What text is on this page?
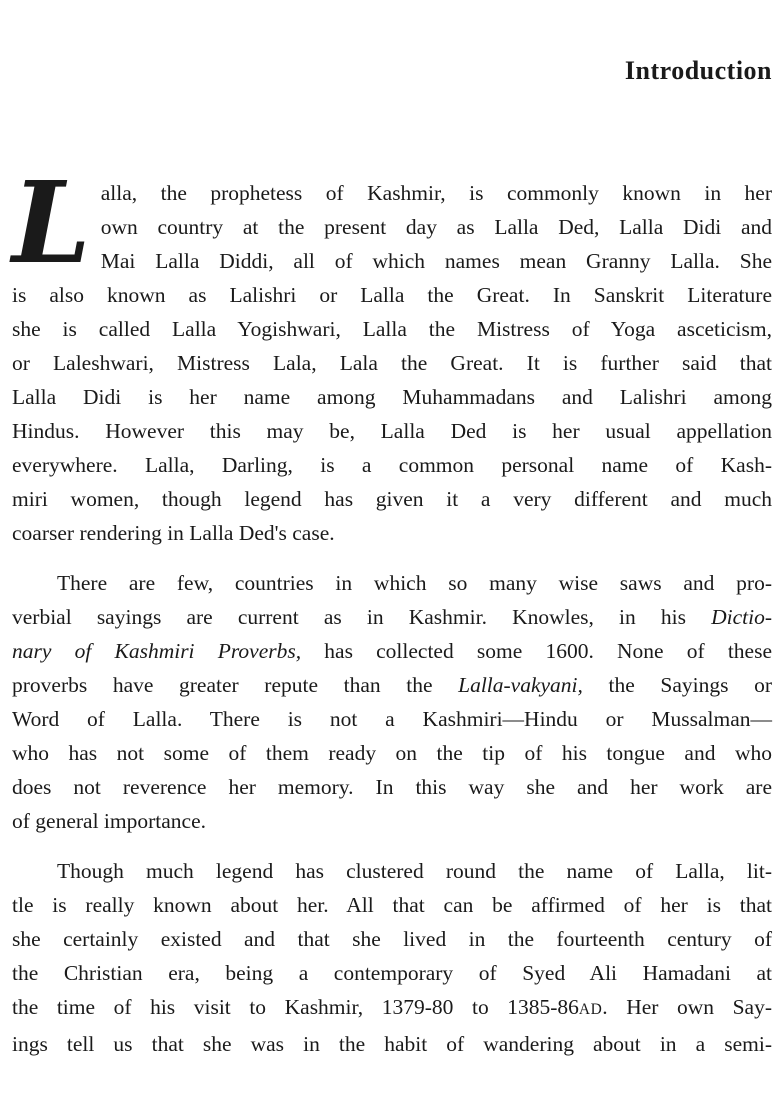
Introduction
L alla, the prophetess of Kashmir, is commonly known in her
own country at the present day as Lalla Ded, Lalla Didi and
Mai Lalla Diddi, all of which names mean Granny Lalla. She
is also known as Lalishri or Lalla the Great. In Sanskrit Literature
she is called Lalla Yogishwari, Lalla the Mistress of Yoga asceticism,
or Laleshwari, Mistress Lala, Lala the Great. It is further said that
Lalla Didi is her name among Muhammadans and Lalishri among
Hindus. However this may be, Lalla Ded is her usual appellation
everywhere. Lalla, Darling, is a common personal name of Kash-
miri women, though legend has given it a very different and much
coarser rendering in Lalla Ded's case.
There are few, countries in which so many wise saws and pro-
verbial sayings are current as in Kashmir. Knowles, in his Dictio-
nary of Kashmiri Proverbs, has collected some 1600. None of these
proverbs have greater repute than the Lalla-vakyani, the Sayings or
Word of Lalla. There is not a Kashmiri—Hindu or Mussalman—
who has not some of them ready on the tip of his tongue and who
does not reverence her memory. In this way she and her work are
of general importance.
Though much legend has clustered round the name of Lalla, lit-
tle is really known about her. All that can be affirmed of her is that
she certainly existed and that she lived in the fourteenth century of
the Christian era, being a contemporary of Syed Ali Hamadani at
the time of his visit to Kashmir, 1379-80 to 1385-86AD. Her own Say-
ings tell us that she was in the habit of wandering about in a semi-
